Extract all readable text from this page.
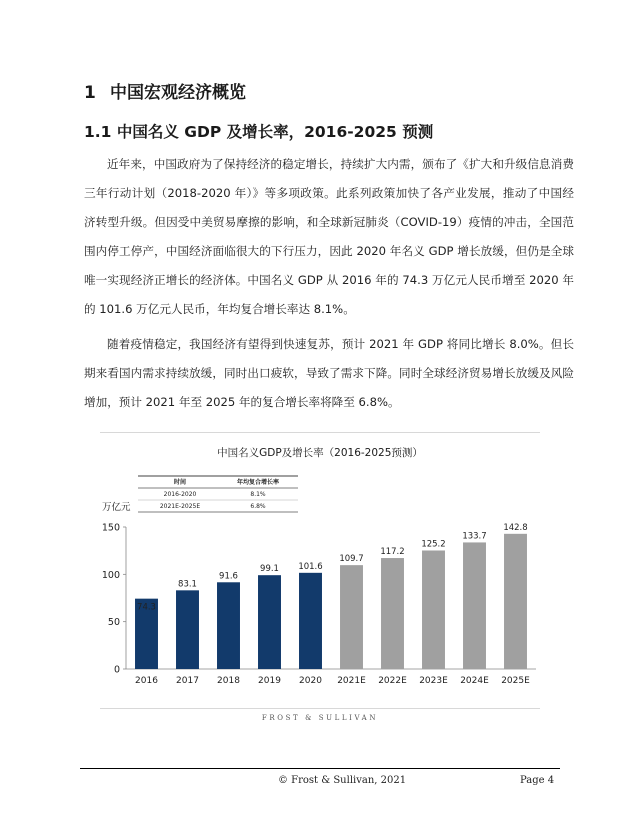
1 中国宏观经济概览
1.1 中国名义 GDP 及增长率，2016-2025 预测
近年来，中国政府为了保持经济的稳定增长，持续扩大内需，颁布了《扩大和升级信息消费三年行动计划（2018-2020 年）》等多项政策。此系列政策加快了各产业发展，推动了中国经济转型升级。但因受中美贸易摩擦的影响，和全球新冠肺炎（COVID-19）疫情的冲击，全国范围内停工停产，中国经济面临很大的下行压力，因此 2020 年名义 GDP 增长放缓，但仍是全球唯一实现经济正增长的经济体。中国名义 GDP 从 2016 年的 74.3 万亿元人民币增至 2020 年的 101.6 万亿元人民币，年均复合增长率达 8.1%。
随着疫情稳定，我国经济有望得到快速复苏，预计 2021 年 GDP 将同比增长 8.0%。但长期来看国内需求持续放缓，同时出口疲软，导致了需求下降。同时全球经济贸易增长放缓及风险增加，预计 2021 年至 2025 年的复合增长率将降至 6.8%。
中国名义GDP及增长率（2016-2025预测）
时间	年均复合增长率
2016-2020	8.1%
2021E-2025E	6.8%
万亿元
0
50
100
150
74.3
83.1
91.6
99.1 101.6
109.7
117.2
125.2
133.7
142.8
2016 2017 2018 2019 2020 2021E 2022E 2023E 2024E 2025E
FROST & SULLIVAN
© Frost & Sullivan, 2021	Page 4
